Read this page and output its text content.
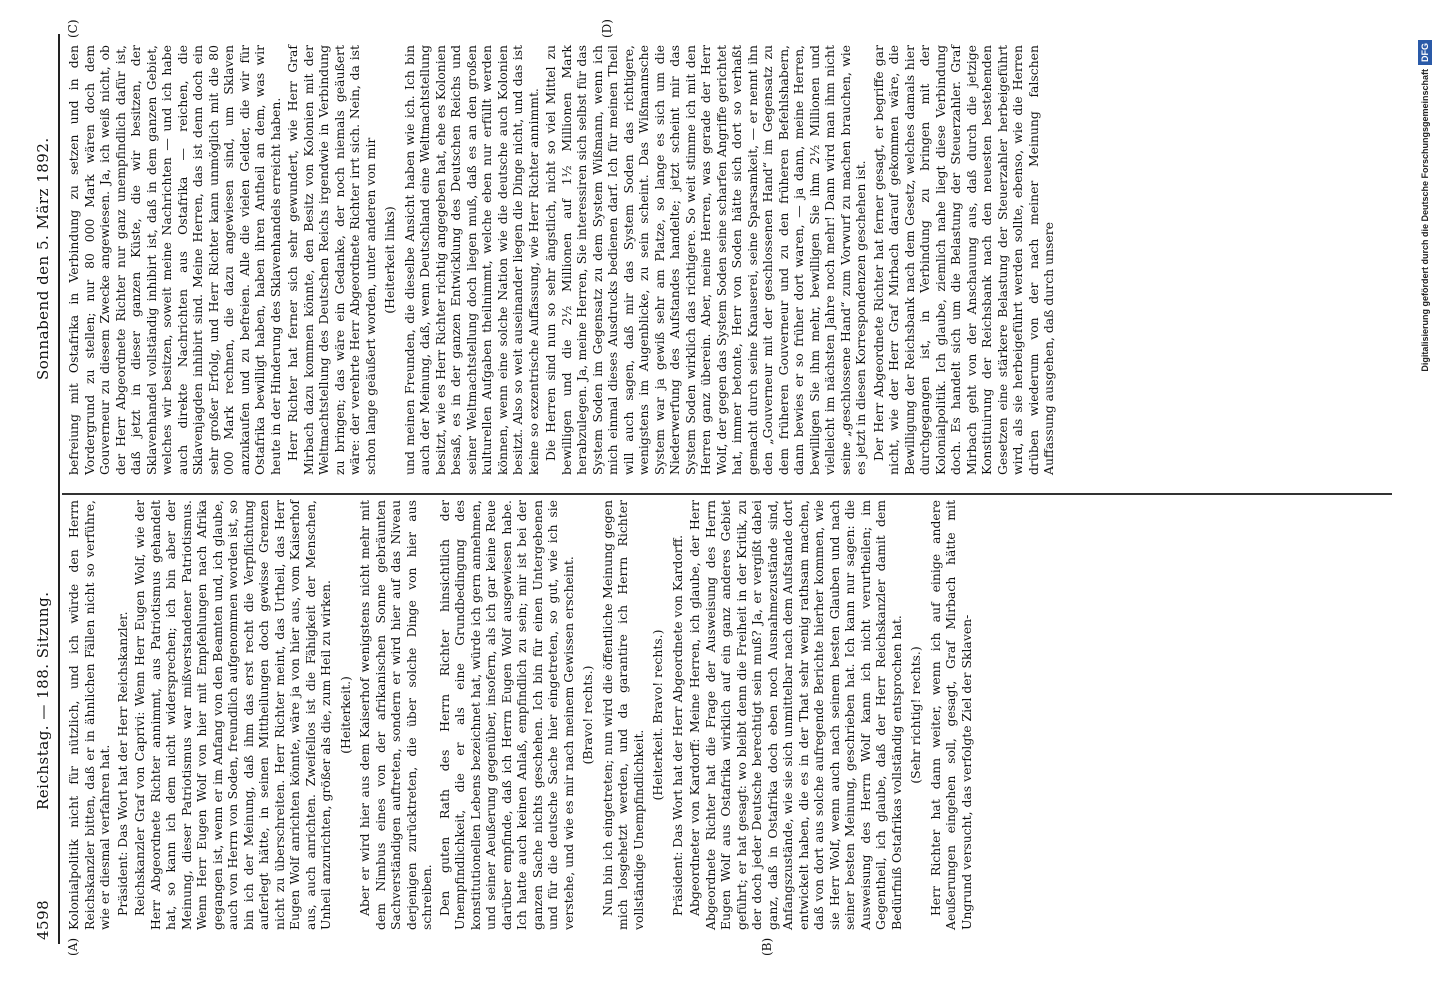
4598
Reichstag. — 188. Sitzung.
Sonnabend den 5. März 1892.
(A)	(B)
(C)	(D)

Kolonialpolitik nicht für nützlich, und ich würde den Herrn Reichskanzler bitten, daß er in ähnlichen Fällen nicht so verführe, wie er diesmal verfahren hat. Präsident: Das Wort hat der Herr Reichskanzler. Reichskanzler Graf von Caprivi: Wenn Herr Eugen Wolf, wie der Herr Abgeordnete Richter annimmt, aus Patriotismus gehandelt hat, so kann ich dem nicht widersprechen; ich bin aber der Meinung, dieser Patriotismus war mißverstandener Patriotismus. Wenn Herr Eugen Wolf von hier mit Empfehlungen nach Afrika gegangen ist, wenn er im Anfang von den Beamten und, ich glaube, auch von Herrn von Soden, freundlich aufgenommen worden ist, so bin ich der Meinung, daß ihm das erst recht die Verpflichtung auferlegt hätte, in seinen Mittheilungen doch gewisse Grenzen nicht zu überschreiten. Herr Richter meint, das Urtheil, das Herr Eugen Wolf anrichten könnte, wäre ja von hier aus, vom Kaiserhof aus, auch anrichten. Zweifellos ist die Fähigkeit der Menschen, Unheil anzurichten, größer als die, zum Heil zu wirken. (Heiterkeit.) Aber er wird hier aus dem Kaiserhof wenigstens nicht mehr mit dem Nimbus eines von der afrikanischen Sonne gebräunten Sachverständigen auftreten, sondern er wird hier auf das Niveau derjenigen zurücktreten, die über solche Dinge von hier aus schreiben. Den guten Rath des Herrn Richter hinsichtlich der Unempfindlichkeit, die er als eine Grundbedingung des konstitutionellen Lebens bezeichnet hat, würde ich gern annehmen, und seiner Aeußerung gegenüber, insofern, als ich gar keine Reue darüber empfinde, daß ich Herrn Eugen Wolf ausgewiesen habe. Ich hatte auch keinen Anlaß, empfindlich zu sein; mir ist bei der ganzen Sache nichts geschehen. Ich bin für einen Untergebenen und für die deutsche Sache hier eingetreten, so gut, wie ich sie verstehe, und wie es mir nach meinem Gewissen erscheint. (Bravo! rechts.) Nun bin ich eingetreten; nun wird die öffentliche Meinung gegen mich losgehetzt werden, und da garantire ich Herrn Richter vollständige Unempfindlichkeit.

(Heiterkeit. Bravo! rechts.) Präsident: Das Wort hat der Herr Abgeordnete von Kardorff. Abgeordneter von Kardorff: Meine Herren, ich glaube, der Herr Abgeordnete Richter hat die Frage der Ausweisung des Herrn Eugen Wolf aus Ostafrika wirklich auf ein ganz anderes Gebiet geführt; er hat gesagt: wo bleibt denn die Freiheit in der Kritik, zu der doch jeder Deutsche berechtigt sein muß? Ja, er vergißt dabei ganz, daß in Ostafrika doch eben noch Ausnahmezustände sind, Anfangszustände, wie sie sich unmittelbar nach dem Aufstande dort entwickelt haben, die es in der That sehr wenig rathsam machen, daß von dort aus solche aufregende Berichte hierher kommen, wie sie Herr Wolf, wenn auch nach seinem besten Glauben und nach seiner besten Meinung, geschrieben hat. Ich kann nur sagen: die Ausweisung des Herrn Wolf kann ich nicht verurtheilen; im Gegentheil, ich glaube, daß der Herr Reichskanzler damit dem Bedürfniß Ostafrikas vollständig entsprochen hat. (Sehr richtig! rechts.) Herr Richter hat dann weiter, wenn ich auf einige andere Aeußerungen eingehen soll, gesagt, Graf Mirbach hätte mit Ungrund versucht, das verfolgte Ziel der Sklaven-

befreiung mit Ostafrika in Verbindung zu setzen und in den Vordergrund zu stellen; nur 80 000 Mark wären doch dem Gouverneur zu diesem Zwecke angewiesen. Ja, ich weiß nicht, ob der Herr Abgeordnete Richter nur ganz unempfindlich dafür ist, daß jetzt in dieser ganzen Küste, die wir besitzen, der Sklavenhandel vollständig inhibirt ist, daß in dem ganzen Gebiet, welches wir besitzen, soweit meine Nachrichten — und ich habe auch direkte Nachrichten aus Ostafrika — reichen, die Sklavenjagden inhibirt sind. Meine Herren, das ist denn doch ein sehr großer Erfolg, und Herr Richter kann unmöglich mit die 80 000 Mark rechnen, die dazu angewiesen sind, um Sklaven anzukaufen und zu befreien. Alle die vielen Gelder, die wir für Ostafrika bewilligt haben, haben ihren Antheil an dem, was wir heute in der Hinderung des Sklavenhandels erreicht haben. Herr Richter hat ferner sich sehr gewundert, wie Herr Graf Mirbach dazu kommen könnte, den Besitz von Kolonien mit der Weltmachtstellung des Deutschen Reichs irgendwie in Verbindung zu bringen; das wäre ein Gedanke, der noch niemals geäußert wäre: der verehrte Herr Abgeordnete Richter irrt sich. Nein, da ist schon lange geäußert worden, unter anderen von mir (Heiterkeit links) und meinen Freunden, die dieselbe Ansicht haben wie ich. Ich bin auch der Meinung, daß, wenn Deutschland eine Weltmachtstellung besitzt, wie es Herr Richter richtig angegeben hat, ehe es Kolonien besaß, es in der ganzen Entwicklung des Deutschen Reichs und seiner Weltmachtstellung doch liegen muß, daß es an den großen kulturellen Aufgaben theilnimmt, welche eben nur erfüllt werden können, wenn eine solche Nation wie die deutsche auch Kolonien besitzt. Also so weit auseinander liegen die Dinge nicht, und das ist keine so exzentrische Auffassung, wie Herr Richter annimmt. Die Herren sind nun so sehr ängstlich, nicht so viel Mittel zu bewilligen und die 2½ Millionen auf 1½ Millionen Mark herabzulegen. Ja, meine Herren, Sie interessiren sich selbst für das System Soden im Gegensatz zu dem System Wißmann, wenn ich mich einmal dieses Ausdrucks bedienen darf. Ich für meinen Theil will auch sagen, daß mir das System Soden das richtigere, wenigstens im Augenblicke, zu sein scheint. Das Wißmannsche System war ja gewiß sehr am Platze, so lange es sich um die Niederwerfung des Aufstandes handelte; jetzt scheint mir das System Soden wirklich das richtigere. So weit stimme ich mit den Herren ganz überein. Aber, meine Herren, was gerade der Herr Wolf, der gegen das System Soden seine scharfen Angriffe gerichtet hat, immer betonte, Herr von Soden hätte sich dort so verhaßt gemacht durch seine Knauserei, seine Sparsamkeit, — er nennt ihn den „Gouverneur mit der geschlossenen Hand“ im Gegensatz zu dem früheren Gouverneur und zu den früheren Befehlshabern, dann bewies er so früher dort waren, — ja dann, meine Herren, bewilligen Sie ihm mehr, bewilligen Sie ihm 2½ Millionen und vielleicht im nächsten Jahre noch mehr! Dann wird man ihm nicht seine „geschlossene Hand“ zum Vorwurf zu machen brauchen, wie es jetzt in diesen Korrespondenzen geschehen ist. Der Herr Abgeordnete Richter hat ferner gesagt, er begriffe gar nicht, wie der Herr Graf Mirbach darauf gekommen wäre, die Bewilligung der Reichsbank nach dem Gesetz, welches damals hier durchgegangen ist, in Verbindung zu bringen mit der Kolonialpolitik. Ich glaube, ziemlich nahe liegt diese Verbindung doch. Es handelt sich um die Belastung der Steuerzahler. Graf Mirbach geht von der Anschauung aus, daß durch die jetzige Konstituirung der Reichsbank nach den neuesten bestehenden Gesetzen eine stärkere Belastung der Steuerzahler herbeigeführt wird, als sie herbeigeführt werden sollte, ebenso, wie die Herren drüben wiederum von der nach meiner Meinung falschen Auffassung ausgehen, daß durch unsere	Digitalisierung gefördert durch die Deutsche ForschungsgemeinschaftDFG
